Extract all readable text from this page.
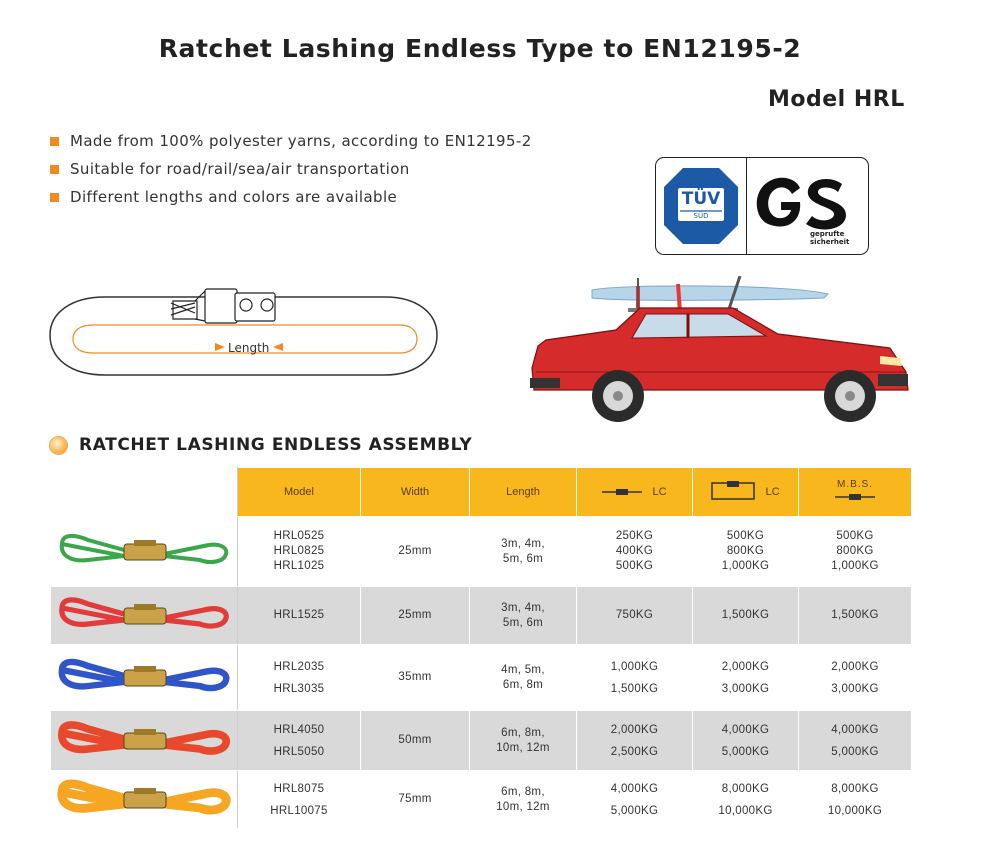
Ratchet Lashing Endless Type to EN12195-2
Model HRL
Made from 100% polyester yarns, according to EN12195-2
Suitable for road/rail/sea/air transportation
Different lengths and colors are available	TÜV
SÜD
geprufte
sicherheit
Length
RATCHET LASHING ENDLESS ASSEMBLY
	Model	Width	Length	LC	LC	M.B.S.

HRL0525
HRL0825
HRL1025	25mm	3m, 4m,
5m, 6m	250KG
400KG
500KG	500KG
800KG
1,000KG	500KG
800KG
1,000KG

	HRL1525	25mm	3m, 4m,
5m, 6m	750KG	1,500KG	1,500KG

HRL2035
HRL3035	35mm	4m, 5m,
6m, 8m	1,000KG
1,500KG	2,000KG
3,000KG	2,000KG
3,000KG

HRL4050
HRL5050	50mm	6m, 8m,
10m, 12m	2,000KG
2,500KG	4,000KG
5,000KG	4,000KG
5,000KG

HRL8075
HRL10075	75mm	6m, 8m,
10m, 12m	4,000KG
5,000KG	8,000KG
10,000KG	8,000KG
10,000KG
